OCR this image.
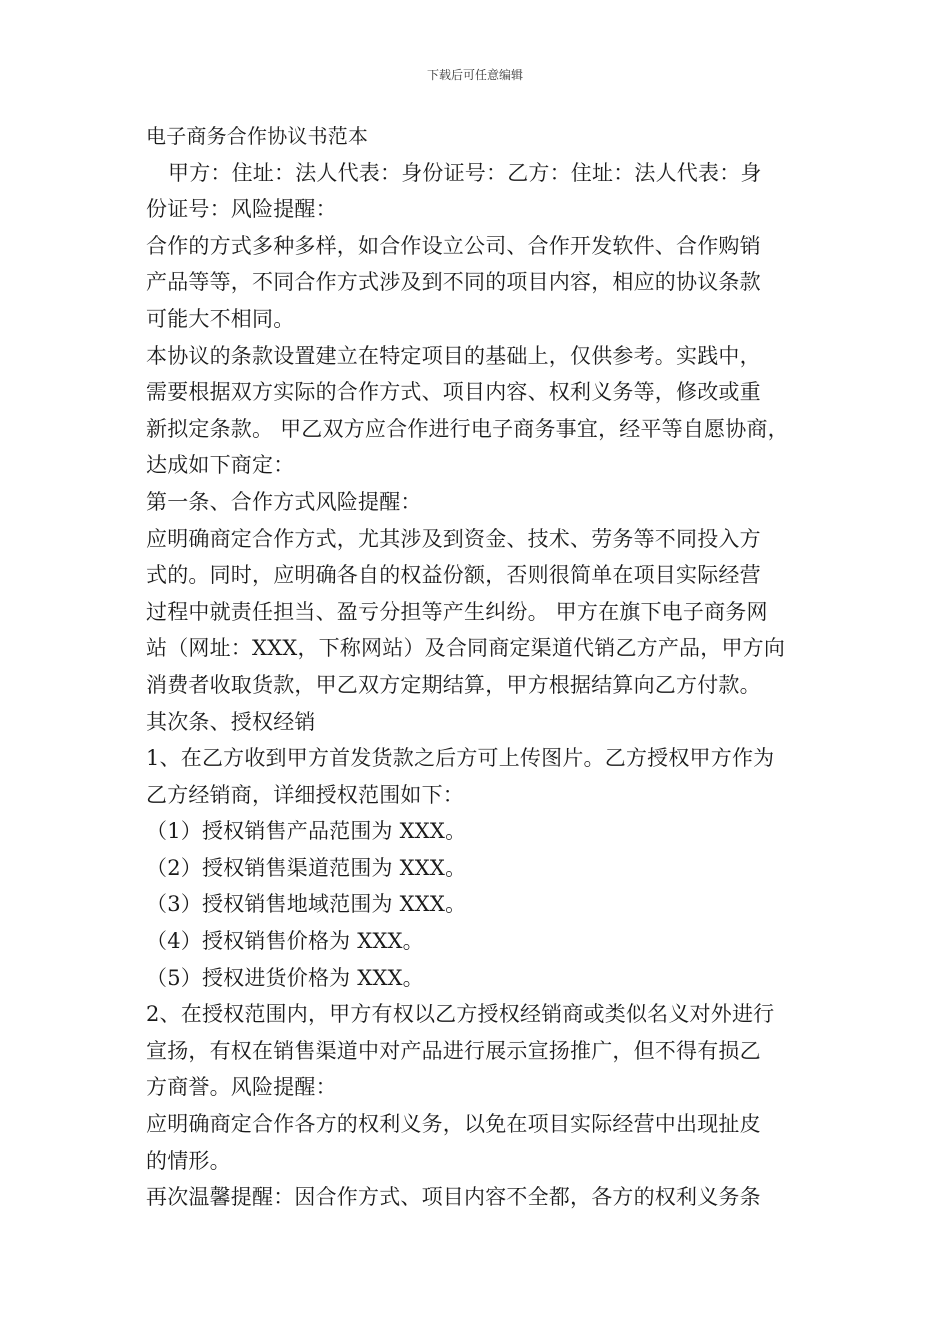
下载后可任意编辑
电子商务合作协议书范本
甲方：住址：法人代表：身份证号：乙方：住址：法人代表：身
份证号：风险提醒：
合作的方式多种多样，如合作设立公司、合作开发软件、合作购销
产品等等，不同合作方式涉及到不同的项目内容，相应的协议条款
可能大不相同。
本协议的条款设置建立在特定项目的基础上，仅供参考。实践中，
需要根据双方实际的合作方式、项目内容、权利义务等，修改或重
新拟定条款。 甲乙双方应合作进行电子商务事宜，经平等自愿协商，
达成如下商定：
第一条、合作方式风险提醒：
应明确商定合作方式，尤其涉及到资金、技术、劳务等不同投入方
式的。同时，应明确各自的权益份额，否则很简单在项目实际经营
过程中就责任担当、盈亏分担等产生纠纷。 甲方在旗下电子商务网
站（网址：XXX，下称网站）及合同商定渠道代销乙方产品，甲方向
消费者收取货款，甲乙双方定期结算，甲方根据结算向乙方付款。
其次条、授权经销
1、在乙方收到甲方首发货款之后方可上传图片。乙方授权甲方作为
乙方经销商，详细授权范围如下：
（1）授权销售产品范围为 XXX。
（2）授权销售渠道范围为 XXX。
（3）授权销售地域范围为 XXX。
（4）授权销售价格为 XXX。
（5）授权进货价格为 XXX。
2、在授权范围内，甲方有权以乙方授权经销商或类似名义对外进行
宣扬，有权在销售渠道中对产品进行展示宣扬推广，但不得有损乙
方商誉。风险提醒：
应明确商定合作各方的权利义务，以免在项目实际经营中出现扯皮
的情形。
再次温馨提醒：因合作方式、项目内容不全都，各方的权利义务条
